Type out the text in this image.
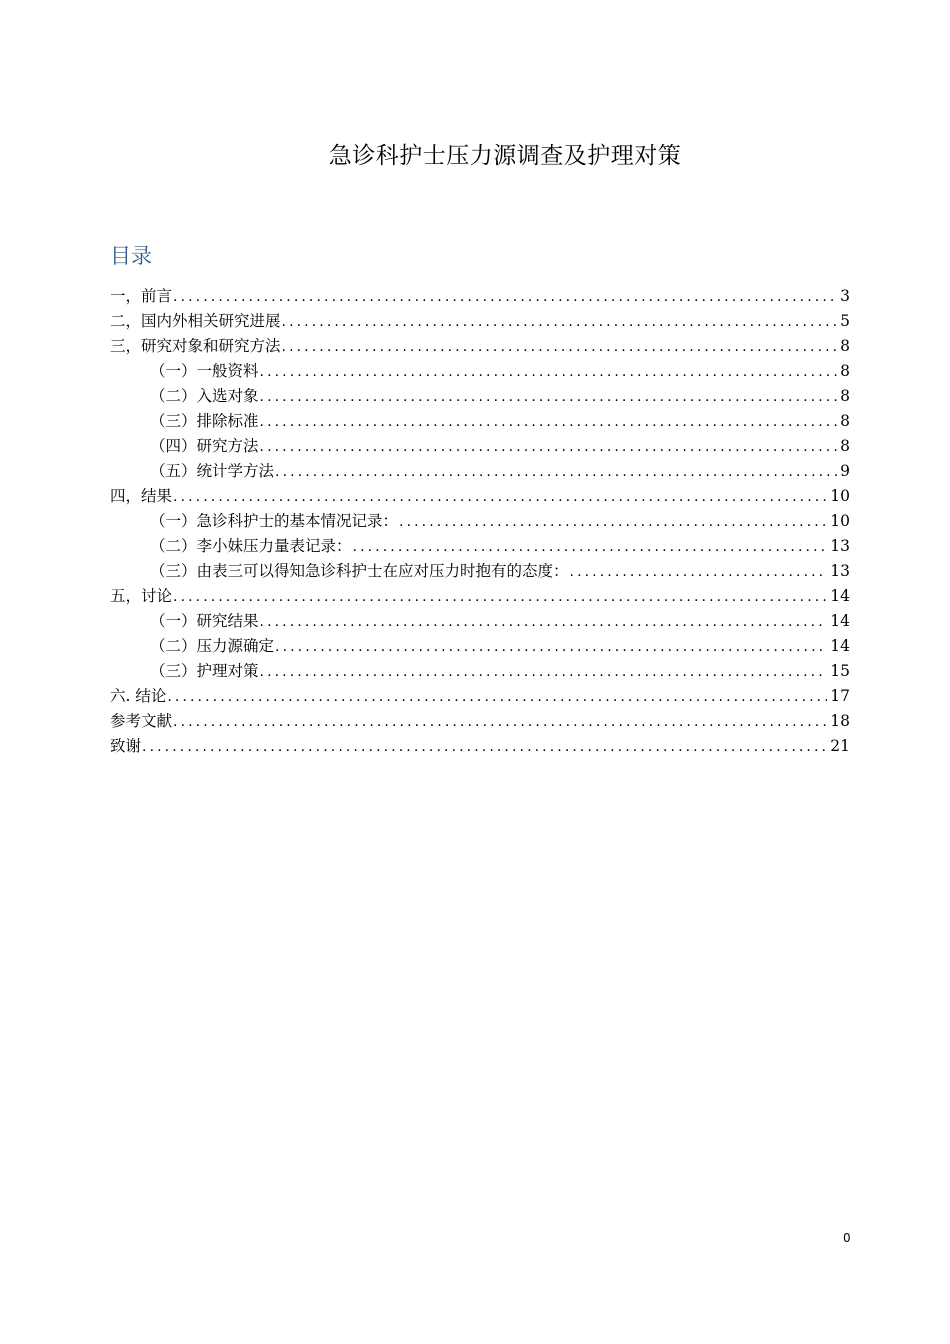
急诊科护士压力源调查及护理对策
目录
一，前言 .....	3
二，国内外相关研究进展 .....	5
三，研究对象和研究方法 .....	8
（一）一般资料 .....	8
（二）入选对象 .....	8
（三）排除标准 .....	8
（四）研究方法 .....	8
（五）统计学方法 .....	9
四，结果 .....	10
（一）急诊科护士的基本情况记录： .....	10
（二）李小妹压力量表记录： .....	13
（三）由表三可以得知急诊科护士在应对压力时抱有的态度： .....	13
五，讨论 .....	14
（一）研究结果 .....	14
（二）压力源确定 .....	14
（三）护理对策 .....	15
六. 结论 .....	17
参考文献 .....	18
致谢 .....	21
0
